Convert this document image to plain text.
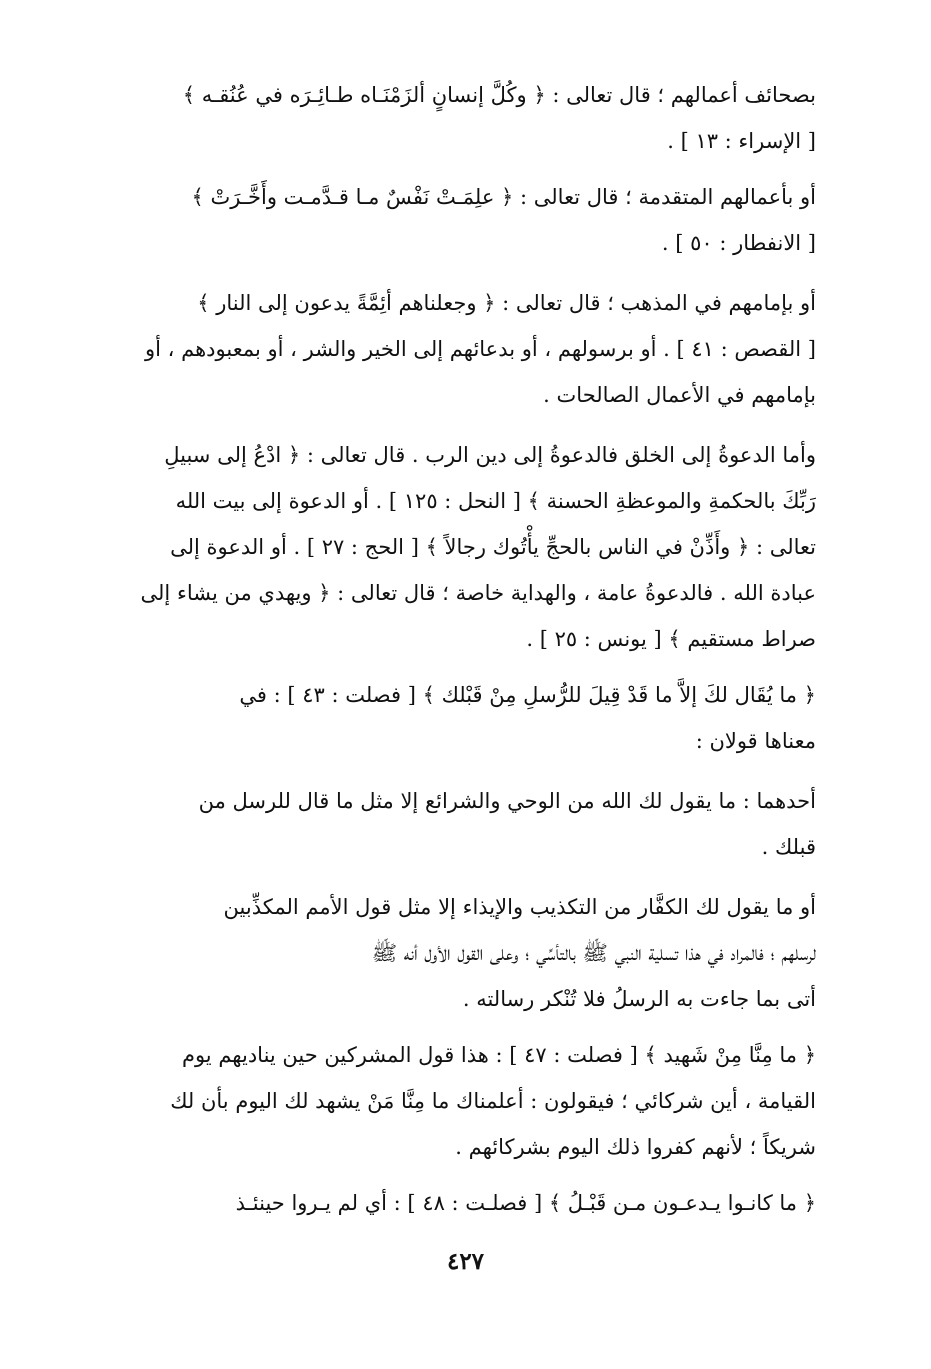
بصحائف أعمالهم ؛ قال تعالى : ﴿ وكُلَّ إنسانٍ ألزَمْنَـاه طـائِـرَه في عُنُقـه ﴾
[ الإسراء : ١٣ ] .

أو بأعمالهم المتقدمة ؛ قال تعالى : ﴿ علِمَـتْ نَفْسٌ مـا قـدَّمـت وأَخَّـرَتْ ﴾
[ الانفطار : ٥٠ ] .

أو بإمامهم في المذهب ؛ قال تعالى : ﴿ وجعلناهم أئِمَّةً يدعون إلى النار ﴾
[ القصص : ٤١ ] . أو برسولهم ، أو بدعائهم إلى الخير والشر ، أو بمعبودهم ، أو
بإمامهم في الأعمال الصالحات .

وأما الدعوةُ إلى الخلق فالدعوةُ إلى دين الرب . قال تعالى : ﴿ ادْعُ إلى سبيلِ
رَبِّكَ بالحكمةِ والموعظةِ الحسنة ﴾ [ النحل : ١٢٥ ] . أو الدعوة إلى بيت الله
تعالى : ﴿ وأَذِّنْ في الناس بالحجِّ يأْتُوك رجالاً ﴾ [ الحج : ٢٧ ] . أو الدعوة إلى
عبادة الله . فالدعوةُ عامة ، والهداية خاصة ؛ قال تعالى : ﴿ ويهدي من يشاء إلى
صراط مستقيم ﴾ [ يونس : ٢٥ ] .

﴿ ما يُقَال لكَ إلاَّ ما قَدْ قِيلَ للرُّسلِ مِنْ قَبْلك ﴾ [ فصلت : ٤٣ ] : في
معناها قولان :

أحدهما : ما يقول لك الله من الوحي والشرائع إلا مثل ما قال للرسل من
قبلك .

أو ما يقول لك الكفَّار من التكذيب والإيذاء إلا مثل قول الأمم المكذِّبين
لرسلهم ؛ فالمراد في هذا تسلية النبي ﷺ بالتأسِّي ؛ وعلى القول الأول أنه ﷺ
أتى بما جاءت به الرسلُ فلا تُنْكر رسالته .

﴿ ما مِنَّا مِنْ شَهيد ﴾ [ فصلت : ٤٧ ] : هذا قول المشركين حين يناديهم يوم
القيامة ، أين شركائي ؛ فيقولون : أعلمناك ما مِنَّا مَنْ يشهد لك اليوم بأن لك
شريكاً ؛ لأنهم كفروا ذلك اليوم بشركائهم .

﴿ ما كانـوا يـدعـون مـن قَبْـلُ ﴾ [ فصلـت : ٤٨ ] : أي لم يـروا حينئـذ

٤٢٧
